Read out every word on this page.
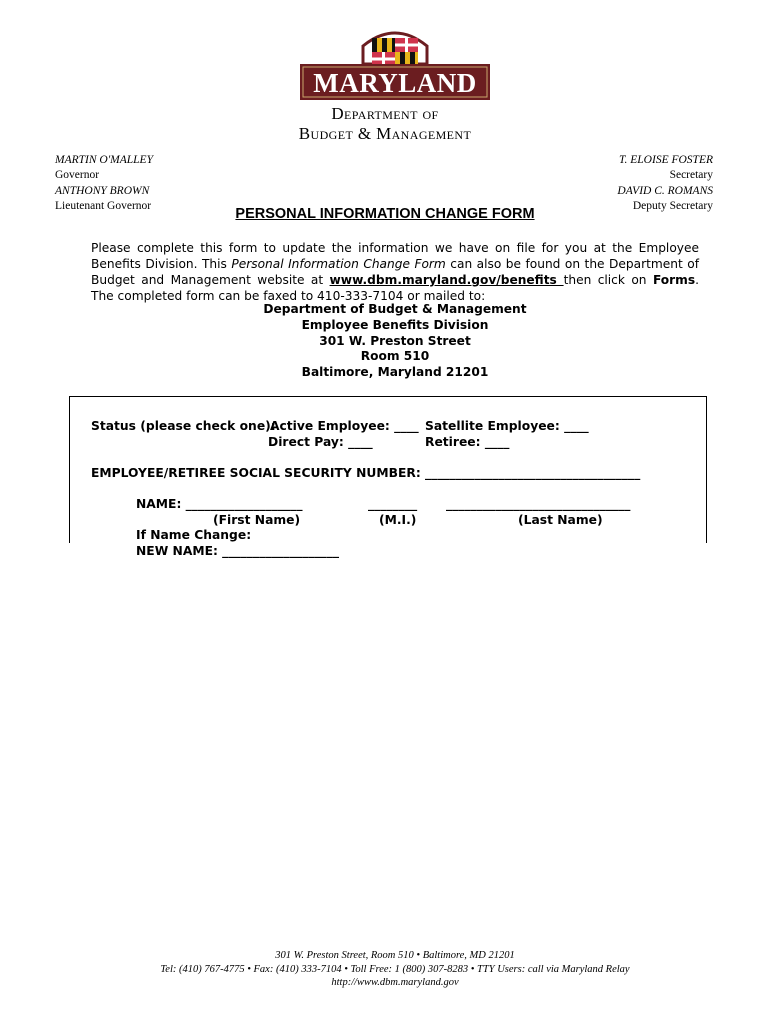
MARYLAND
Department of
Budget & Management
MARTIN O'MALLEY
Governor
ANTHONY BROWN
Lieutenant Governor
T. ELOISE FOSTER
Secretary
DAVID C. ROMANS
Deputy Secretary
PERSONAL INFORMATION CHANGE FORM
Please complete this form to update the information we have on file for you at the Employee Benefits Division. This Personal Information Change Form can also be found on the Department of Budget and Management website at www.dbm.maryland.gov/benefits then click on Forms. The completed form can be faxed to 410-333-7104 or mailed to:
Department of Budget & Management
Employee Benefits Division
301 W. Preston Street
Room 510
Baltimore, Maryland 21201
Status (please check one):
Active Employee: ____ Satellite Employee: ____
Direct Pay: ____	Retiree: ____
EMPLOYEE/RETIREE SOCIAL SECURITY NUMBER: ___________________________________
NAME: ___________________	________ ______________________________
(First Name)	(M.I.)	(Last Name)
If Name Change:
NEW NAME: ___________________
301 W. Preston Street, Room 510 • Baltimore, MD 21201
Tel: (410) 767-4775 • Fax: (410) 333-7104 • Toll Free: 1 (800) 307-8283 • TTY Users: call via Maryland Relay
http://www.dbm.maryland.gov
